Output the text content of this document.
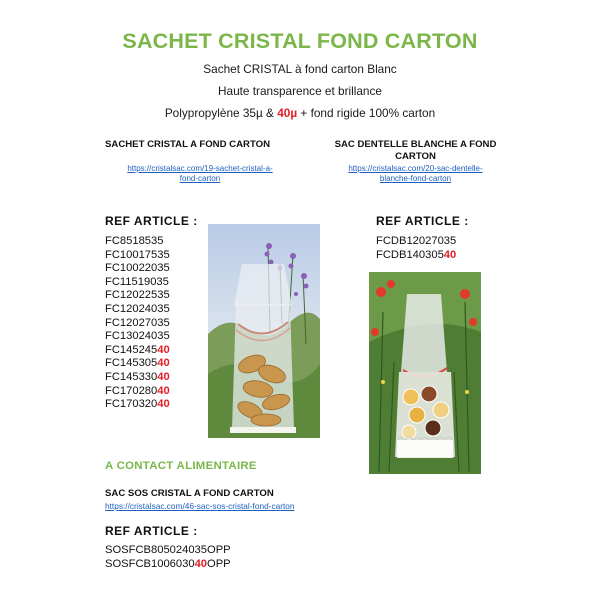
SACHET CRISTAL FOND CARTON
Sachet CRISTAL à fond carton Blanc
Haute transparence et brillance
Polypropylène 35µ & 40µ + fond rigide 100% carton
SACHET CRISTAL A FOND CARTON
https://cristalsac.com/19-sachet-cristal-a-
fond-carton
SAC DENTELLE BLANCHE A FOND
CARTON
https://cristalsac.com/20-sac-dentelle-
blanche-fond-carton
REF ARTICLE :
FC8518535
FC10017535
FC10022035
FC11519035
FC12022535
FC12024035
FC12027035
FC13024035
FC14524540
FC14530540
FC14533040
FC17028040
FC17032040
REF ARTICLE :
FCDB12027035
FCDB14030540
A CONTACT ALIMENTAIRE
SAC SOS CRISTAL A FOND CARTON
https://cristalsac.com/46-sac-sos-cristal-fond-carton
REF ARTICLE :
SOSFCB805024035OPP
SOSFCB100603040OPP
